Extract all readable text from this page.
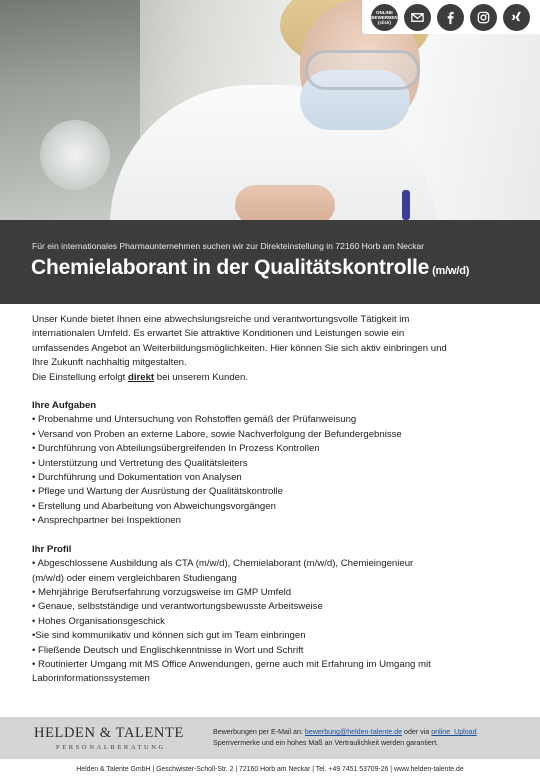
ONLINE
BEWERBEN
(click)
Für ein internationales Pharmaunternehmen suchen wir zur Direkteinstellung in 72160 Horb am Neckar
Chemielaborant in der Qualitätskontrolle (m/w/d)

Unser Kunde bietet Ihnen eine abwechslungsreiche und verantwortungsvolle Tätigkeit im

internationalen Umfeld. Es erwartet Sie attraktive Konditionen und Leistungen sowie ein

umfassendes Angebot an Weiterbildungsmöglichkeiten. Hier können Sie sich aktiv einbringen und

Ihre Zukunft nachhaltig mitgestalten.

Die Einstellung erfolgt direkt bei unserem Kunden.

Ihre Aufgaben
• Probenahme und Untersuchung von Rohstoffen gemäß der Prüfanweisung
• Versand von Proben an externe Labore, sowie Nachverfolgung der Befundergebnisse
• Durchführung von Abteilungsübergreifenden In Prozess Kontrollen
• Unterstützung und Vertretung des Qualitätsleiters
• Durchführung und Dokumentation von Analysen
• Pflege und Wartung der Ausrüstung der Qualitätskontrolle
• Erstellung und Abarbeitung von Abweichungsvorgängen
• Ansprechpartner bei Inspektionen
Ihr Profil
• Abgeschlossene Ausbildung als CTA (m/w/d), Chemielaborant (m/w/d), Chemieingenieur
(m/w/d) oder einem vergleichbaren Studiengang
• Mehrjährige Berufserfahrung vorzugsweise im GMP Umfeld
• Genaue, selbstständige und verantwortungsbewusste Arbeitsweise
• Hohes Organisationsgeschick
•Sie sind kommunikativ und können sich gut im Team einbringen
• Fließende Deutsch und Englischkenntnisse in Wort und Schrift
• Routinierter Umgang mit MS Office Anwendungen, gerne auch mit Erfahrung im Umgang mit
Laborinformationssystemen
HELDEN & TALENTE
PERSONALBERATUNG
Bewerbungen per E-Mail an: bewerbung@helden-talente.de oder via online_Upload.
Sperrvermerke und ein hohes Maß an Vertraulichkeit werden garantiert.
Helden & Talente GmbH | Geschwister-Scholl-Str. 2 | 72160 Horb am Neckar | Tel. +49 7451 53709-26 | www.helden-talente.de
